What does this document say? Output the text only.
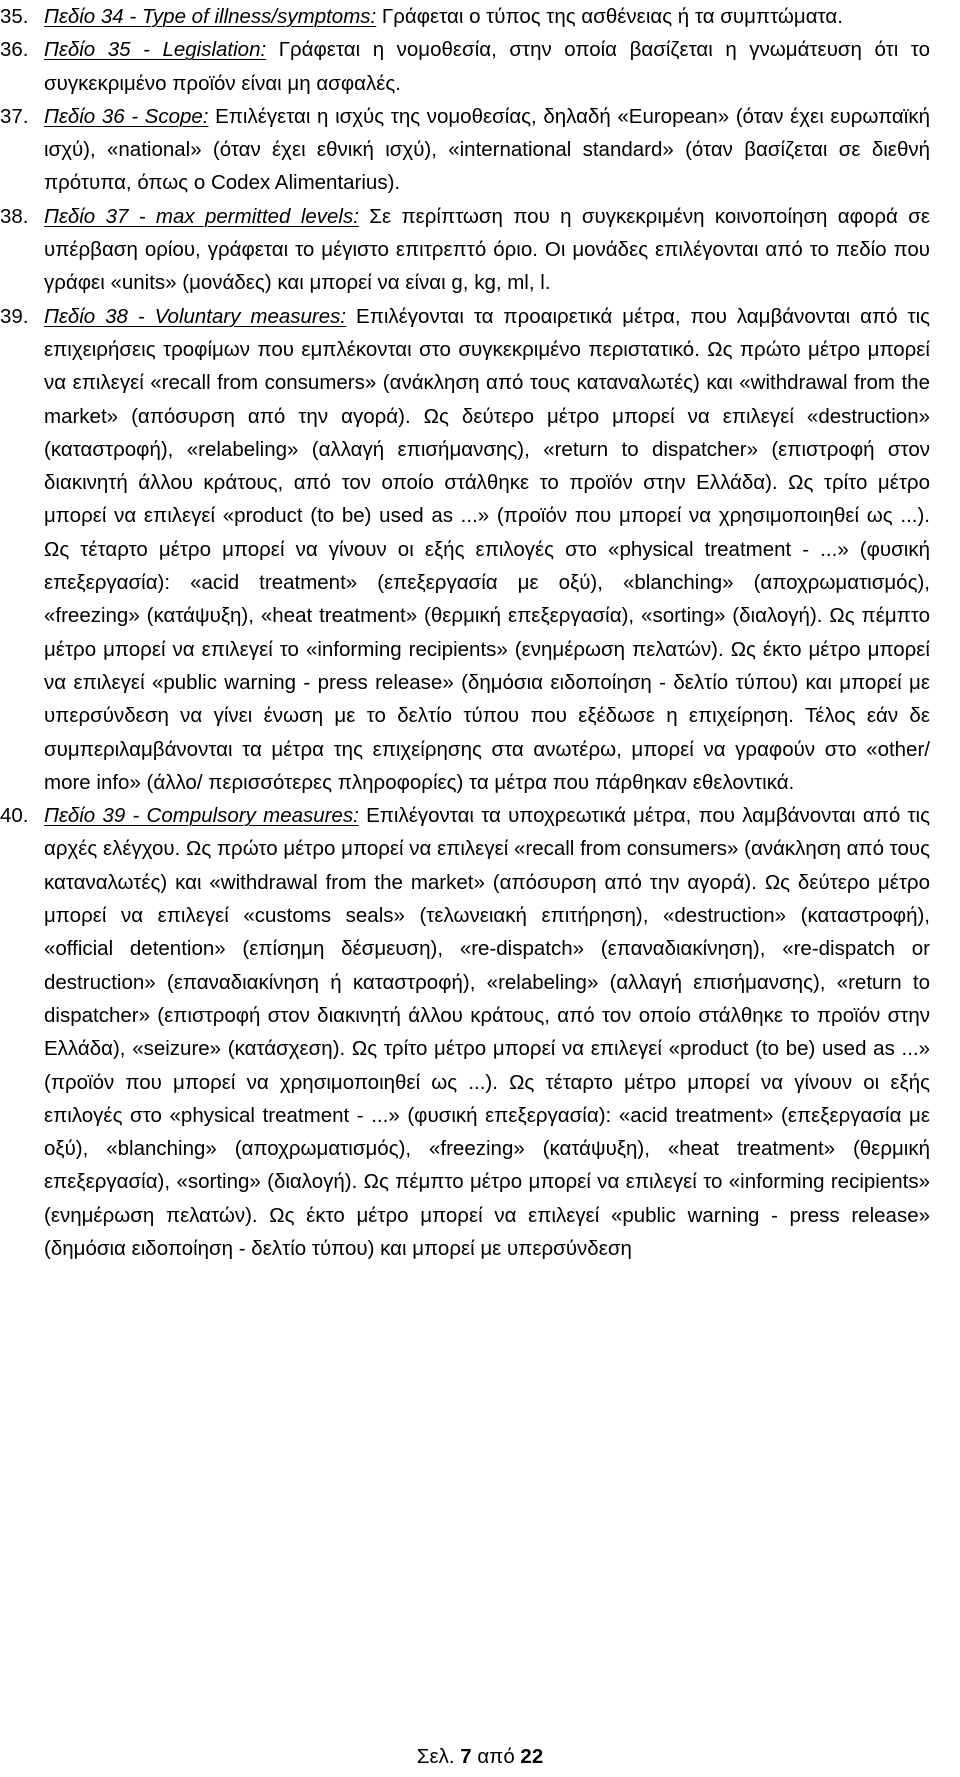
35. Πεδίο 34 - Type of illness/symptoms: Γράφεται ο τύπος της ασθένειας ή τα συμπτώματα.
36. Πεδίο 35 - Legislation: Γράφεται η νομοθεσία, στην οποία βασίζεται η γνωμάτευση ότι το συγκεκριμένο προϊόν είναι μη ασφαλές.
37. Πεδίο 36 - Scope: Επιλέγεται η ισχύς της νομοθεσίας, δηλαδή «European» (όταν έχει ευρωπαϊκή ισχύ), «national» (όταν έχει εθνική ισχύ), «international standard» (όταν βασίζεται σε διεθνή πρότυπα, όπως ο Codex Alimentarius).
38. Πεδίο 37 - max permitted levels: Σε περίπτωση που η συγκεκριμένη κοινοποίηση αφορά σε υπέρβαση ορίου, γράφεται το μέγιστο επιτρεπτό όριο. Οι μονάδες επιλέγονται από το πεδίο που γράφει «units» (μονάδες) και μπορεί να είναι g, kg, ml, l.
39. Πεδίο 38 - Voluntary measures: Επιλέγονται τα προαιρετικά μέτρα, που λαμβάνονται από τις επιχειρήσεις τροφίμων που εμπλέκονται στο συγκεκριμένο περιστατικό. Ως πρώτο μέτρο μπορεί να επιλεγεί «recall from consumers» (ανάκληση από τους καταναλωτές) και «withdrawal from the market» (απόσυρση από την αγορά). Ως δεύτερο μέτρο μπορεί να επιλεγεί «destruction» (καταστροφή), «relabeling» (αλλαγή επισήμανσης), «return to dispatcher» (επιστροφή στον διακινητή άλλου κράτους, από τον οποίο στάλθηκε το προϊόν στην Ελλάδα). Ως τρίτο μέτρο μπορεί να επιλεγεί «product (to be) used as ...» (προϊόν που μπορεί να χρησιμοποιηθεί ως ...). Ως τέταρτο μέτρο μπορεί να γίνουν οι εξής επιλογές στο «physical treatment - ...» (φυσική επεξεργασία): «acid treatment» (επεξεργασία με οξύ), «blanching» (αποχρωματισμός), «freezing» (κατάψυξη), «heat treatment» (θερμική επεξεργασία), «sorting» (διαλογή). Ως πέμπτο μέτρο μπορεί να επιλεγεί το «informing recipients» (ενημέρωση πελατών). Ως έκτο μέτρο μπορεί να επιλεγεί «public warning - press release» (δημόσια ειδοποίηση - δελτίο τύπου) και μπορεί με υπερσύνδεση να γίνει ένωση με το δελτίο τύπου που εξέδωσε η επιχείρηση. Τέλος εάν δε συμπεριλαμβάνονται τα μέτρα της επιχείρησης στα ανωτέρω, μπορεί να γραφούν στο «other/ more info» (άλλο/ περισσότερες πληροφορίες) τα μέτρα που πάρθηκαν εθελοντικά.
40. Πεδίο 39 - Compulsory measures: Επιλέγονται τα υποχρεωτικά μέτρα, που λαμβάνονται από τις αρχές ελέγχου. Ως πρώτο μέτρο μπορεί να επιλεγεί «recall from consumers» (ανάκληση από τους καταναλωτές) και «withdrawal from the market» (απόσυρση από την αγορά). Ως δεύτερο μέτρο μπορεί να επιλεγεί «customs seals» (τελωνειακή επιτήρηση), «destruction» (καταστροφή), «official detention» (επίσημη δέσμευση), «re-dispatch» (επαναδιακίνηση), «re-dispatch or destruction» (επαναδιακίνηση ή καταστροφή), «relabeling» (αλλαγή επισήμανσης), «return to dispatcher» (επιστροφή στον διακινητή άλλου κράτους, από τον οποίο στάλθηκε το προϊόν στην Ελλάδα), «seizure» (κατάσχεση). Ως τρίτο μέτρο μπορεί να επιλεγεί «product (to be) used as ...» (προϊόν που μπορεί να χρησιμοποιηθεί ως ...). Ως τέταρτο μέτρο μπορεί να γίνουν οι εξής επιλογές στο «physical treatment - ...» (φυσική επεξεργασία): «acid treatment» (επεξεργασία με οξύ), «blanching» (αποχρωματισμός), «freezing» (κατάψυξη), «heat treatment» (θερμική επεξεργασία), «sorting» (διαλογή). Ως πέμπτο μέτρο μπορεί να επιλεγεί το «informing recipients» (ενημέρωση πελατών). Ως έκτο μέτρο μπορεί να επιλεγεί «public warning - press release» (δημόσια ειδοποίηση - δελτίο τύπου) και μπορεί με υπερσύνδεση
Σελ. 7 από 22
